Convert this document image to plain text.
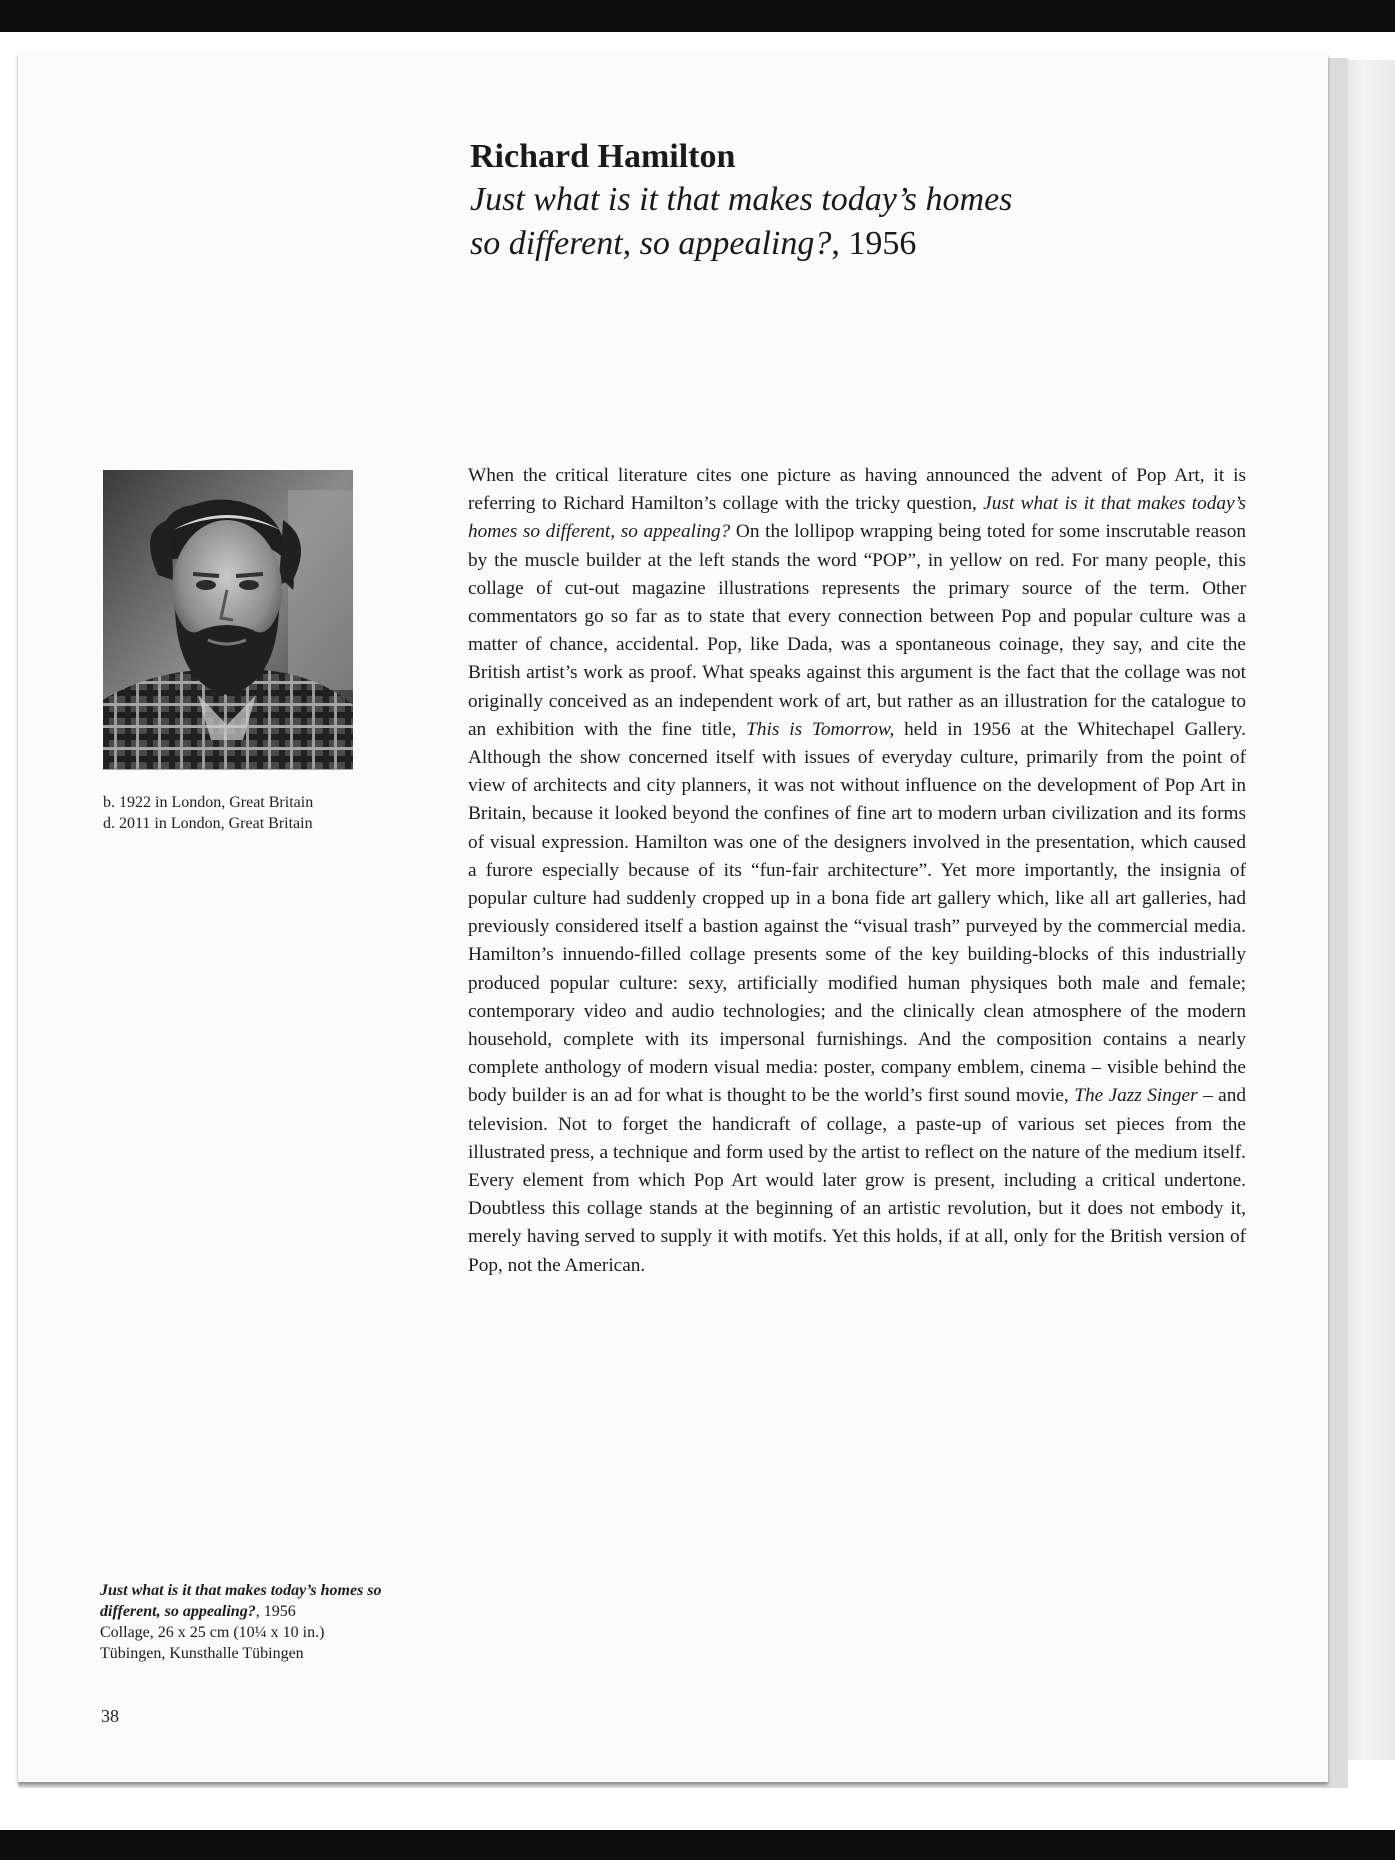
Richard Hamilton

Just what is it that makes today’s homes

so different, so appealing?, 1956

b. 1922 in London, Great Britain
d. 2011 in London, Great Britain

When the critical literature cites one picture as having announced the advent of Pop Art, it is referring to Richard Hamilton’s collage with the tricky question, Just what is it that makes today’s homes so different, so appealing? On the lollipop wrapping being toted for some inscrutable reason by the muscle builder at the left stands the word “POP”, in yellow on red. For many people, this collage of cut-out magazine illustrations represents the primary source of the term. Other commentators go so far as to state that every connection between Pop and popular culture was a matter of chance, accidental. Pop, like Dada, was a spontaneous coinage, they say, and cite the British artist’s work as proof. What speaks against this argument is the fact that the collage was not originally conceived as an independent work of art, but rather as an illustration for the catalogue to an exhibition with the fine title, This is Tomorrow, held in 1956 at the Whitechapel Gallery. Although the show concerned itself with issues of everyday culture, primarily from the point of view of architects and city planners, it was not without influence on the development of Pop Art in Britain, because it looked beyond the confines of fine art to modern urban civilization and its forms of visual expression. Hamilton was one of the designers involved in the presentation, which caused a furore especially because of its “fun-fair architecture”. Yet more importantly, the insignia of popular culture had suddenly cropped up in a bona fide art gallery which, like all art galleries, had previously considered itself a bastion against the “visual trash” purveyed by the commercial media. Hamilton’s innuendo-filled collage presents some of the key building-blocks of this industrially produced popular culture: sexy, artificially modified human physiques both male and female; contemporary video and audio technologies; and the clinically clean atmosphere of the modern household, complete with its impersonal furnishings. And the composition contains a nearly complete anthology of modern visual media: poster, company emblem, cinema – visible behind the body builder is an ad for what is thought to be the world’s first sound movie, The Jazz Singer – and television. Not to forget the handicraft of collage, a paste-up of various set pieces from the illustrated press, a technique and form used by the artist to reflect on the nature of the medium itself. Every element from which Pop Art would later grow is present, including a critical undertone. Doubtless this collage stands at the beginning of an artistic revolution, but it does not embody it, merely having served to supply it with motifs. Yet this holds, if at all, only for the British version of Pop, not the American.

Just what is it that makes today’s homes so different, so appealing?, 1956
Collage, 26 x 25 cm (10¼ x 10 in.)
Tübingen, Kunsthalle Tübingen
38
